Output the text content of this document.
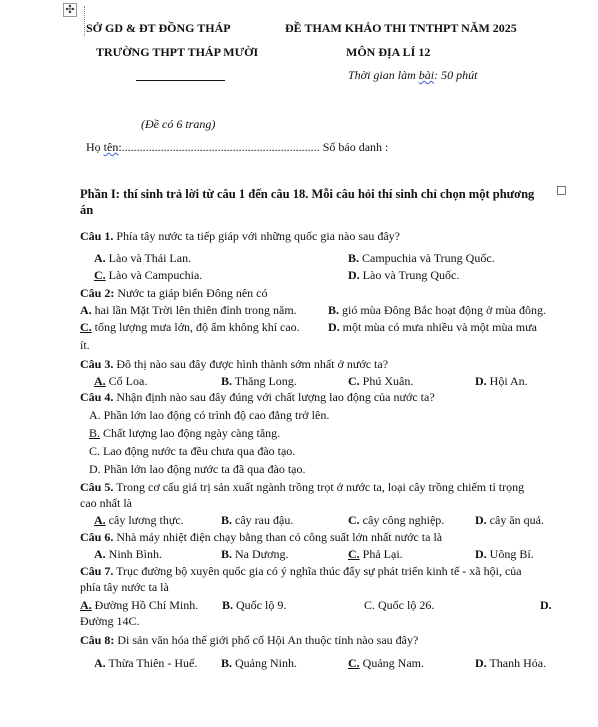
✣
SỞ GD & ĐT ĐỒNG THÁP
TRƯỜNG THPT THÁP MƯỜI
ĐỀ THAM KHẢO THI TNTHPT NĂM 2025
MÔN ĐỊA LÍ 12
Thời gian làm bài: 50 phút
(Đề có 6 trang)
Họ tên:.................................................................. Số báo danh :
Phần I: thí sinh trả lời từ câu 1 đến câu 18. Mỗi câu hỏi thí sinh chỉ chọn một phương
án
Câu 1. Phía tây nước ta tiếp giáp với những quốc gia nào sau đây?
A. Lào và Thái Lan.	B. Campuchia và Trung Quốc.
C. Lào và Campuchia.	D. Lào và Trung Quốc.
Câu 2: Nước ta giáp biển Đông nên có
A. hai lần Mặt Trời lên thiên đỉnh trong năm.	B. gió mùa Đông Bắc hoạt động ở mùa đông.
C. tổng lượng mưa lớn, độ ẩm không khí cao. D. một mùa có mưa nhiều và một mùa mưa
ít.
Câu 3. Đô thị nào sau đây được hình thành sớm nhất ở nước ta?
A. Cổ Loa.	B. Thăng Long.	C. Phú Xuân.	D. Hội An.
Câu 4. Nhận định nào sau đây đúng với chất lượng lao động của nước ta?
A. Phần lớn lao động có trình độ cao đẳng trở lên.
B. Chất lượng lao động ngày càng tăng.
C. Lao động nước ta đều chưa qua đào tạo.
D. Phần lớn lao động nước ta đã qua đào tạo.
Câu 5. Trong cơ cấu giá trị sản xuất ngành trồng trọt ở nước ta, loại cây trồng chiếm tỉ trọng
cao nhất là
A. cây lương thực.	B. cây rau đậu.	C. cây công nghiệp.	D. cây ăn quả.
Câu 6. Nhà máy nhiệt điện chạy bằng than có công suất lớn nhất nước ta là
A. Ninh Bình.	B. Na Dương.	C. Phả Lại.	D. Uông Bí.
Câu 7. Trục đường bộ xuyên quốc gia có ý nghĩa thúc đẩy sự phát triển kinh tế - xã hội, của
phía tây nước ta là
A. Đường Hồ Chí Minh. B. Quốc lộ 9.	C. Quốc lộ 26.	D.
Đường 14C.
Câu 8: Di sản văn hóa thế giới phố cổ Hội An thuộc tỉnh nào sau đây?
A. Thừa Thiên - Huế. B. Quảng Ninh.	C. Quảng Nam.	D. Thanh Hóa.
